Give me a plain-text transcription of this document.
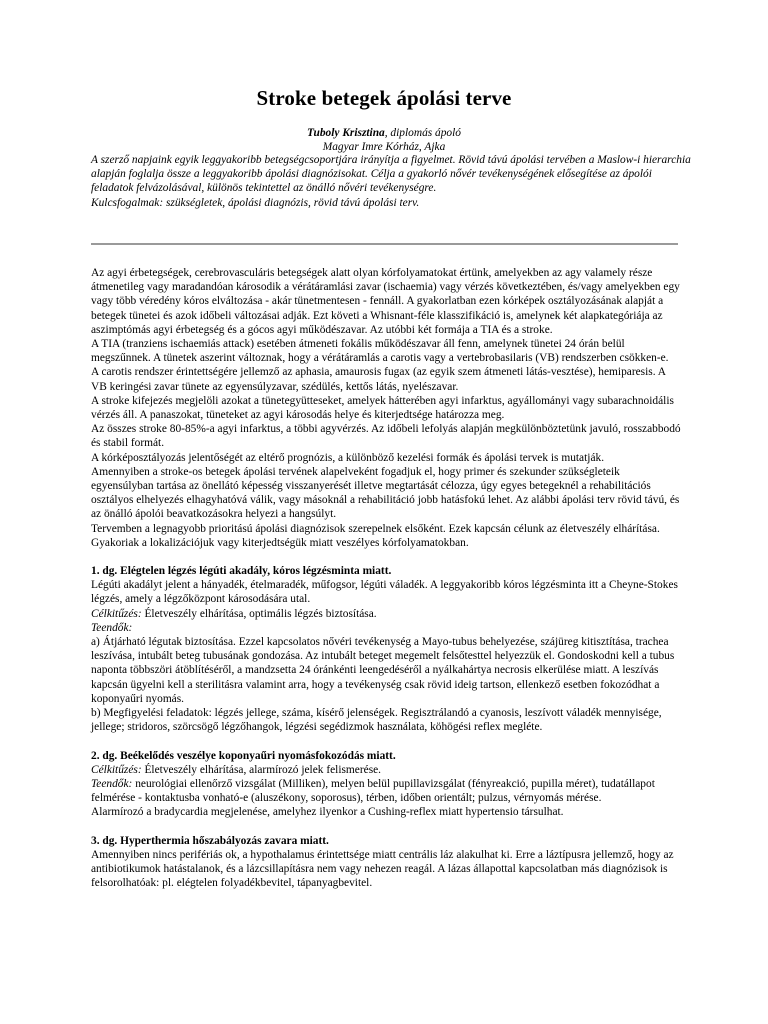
Stroke betegek ápolási terve
Tuboly Krisztina, diplomás ápoló
Magyar Imre Kórház, Ajka

A szerző napjaink egyik leggyakoribb betegségcsoportjára irányítja a figyelmet. Rövid távú ápolási tervében a Maslow-i hierarchia alapján foglalja össze a leggyakoribb ápolási diagnózisokat. Célja a gyakorló nővér tevékenységének elősegítése az ápolói feladatok felvázolásával, különös tekintettel az önálló nővéri tevékenységre.

Kulcsfogalmak: szükségletek, ápolási diagnózis, rövid távú ápolási terv.

Az agyi érbetegségek, cerebrovasculáris betegségek alatt olyan kórfolyamatokat értünk, amelyekben az agy valamely része átmenetileg vagy maradandóan károsodik a vérátáramlási zavar (ischaemia) vagy vérzés következtében, és/vagy amelyekben egy vagy több véredény kóros elváltozása - akár tünetmentesen - fennáll. A gyakorlatban ezen kórképek osztályozásának alapját a betegek tünetei és azok időbeli változásai adják. Ezt követi a Whisnant-féle klasszifikáció is, amelynek két alapkategóriája az aszimptómás agyi érbetegség és a gócos agyi működészavar. Az utóbbi két formája a TIA és a stroke.

A TIA (tranziens ischaemiás attack) esetében átmeneti fokális működészavar áll fenn, amelynek tünetei 24 órán belül megszűnnek. A tünetek aszerint változnak, hogy a vérátáramlás a carotis vagy a vertebrobasilaris (VB) rendszerben csökken-e.

A carotis rendszer érintettségére jellemző az aphasia, amaurosis fugax (az egyik szem átmeneti látás-vesztése), hemiparesis. A VB keringési zavar tünete az egyensúlyzavar, szédülés, kettős látás, nyelészavar.

A stroke kifejezés megjelöli azokat a tünetegyütteseket, amelyek hátterében agyi infarktus, agyállományi vagy subarachnoidális vérzés áll. A panaszokat, tüneteket az agyi károsodás helye és kiterjedtsége határozza meg.

Az összes stroke 80-85%-a agyi infarktus, a többi agyvérzés. Az időbeli lefolyás alapján megkülönböztetünk javuló, rosszabbodó és stabil formát.

A kórképosztályozás jelentőségét az eltérő prognózis, a különböző kezelési formák és ápolási tervek is mutatják.

Amennyiben a stroke-os betegek ápolási tervének alapelveként fogadjuk el, hogy primer és szekunder szükségleteik egyensúlyban tartása az önellátó képesség visszanyerését illetve megtartását célozza, úgy egyes betegeknél a rehabilitációs osztályos elhelyezés elhagyhatóvá válik, vagy másoknál a rehabilitáció jobb hatásfokú lehet. Az alábbi ápolási terv rövid távú, és az önálló ápolói beavatkozásokra helyezi a hangsúlyt.

Tervemben a legnagyobb prioritású ápolási diagnózisok szerepelnek elsőként. Ezek kapcsán célunk az életveszély elhárítása. Gyakoriak a lokalizációjuk vagy kiterjedtségük miatt veszélyes kórfolyamatokban.

1. dg. Elégtelen légzés légúti akadály, kóros légzésminta miatt.

Légúti akadályt jelent a hányadék, ételmaradék, műfogsor, légúti váladék. A leggyakoribb kóros légzésminta itt a Cheyne-Stokes légzés, amely a légzőközpont károsodására utal.

Célkitűzés: Életveszély elhárítása, optimális légzés biztosítása.

Teendők:

a) Átjárható légutak biztosítása. Ezzel kapcsolatos nővéri tevékenység a Mayo-tubus behelyezése, szájüreg kitisztítása, trachea leszívása, intubált beteg tubusának gondozása. Az intubált beteget megemelt felsőtesttel helyezzük el. Gondoskodni kell a tubus naponta többszöri átöblítéséről, a mandzsetta 24 óránkénti leengedéséről a nyálkahártya necrosis elkerülése miatt. A leszívás kapcsán ügyelni kell a sterilitásra valamint arra, hogy a tevékenység csak rövid ideig tartson, ellenkező esetben fokozódhat a koponyaűri nyomás.

b) Megfigyelési feladatok: légzés jellege, száma, kísérő jelenségek. Regisztrálandó a cyanosis, leszívott váladék mennyisége, jellege; stridoros, szörcsögő légzőhangok, légzési segédizmok használata, köhögési reflex megléte.

2. dg. Beékelődés veszélye koponyaűri nyomásfokozódás miatt.

Célkitűzés: Életveszély elhárítása, alarmírozó jelek felismerése.

Teendők: neurológiai ellenőrző vizsgálat (Milliken), melyen belül pupillavizsgálat (fényreakció, pupilla méret), tudatállapot felmérése - kontaktusba vonható-e (aluszékony, soporosus), térben, időben orientált; pulzus, vérnyomás mérése.

Alarmírozó a bradycardia megjelenése, amelyhez ilyenkor a Cushing-reflex miatt hypertensio társulhat.

3. dg. Hyperthermia hőszabályozás zavara miatt.

Amennyiben nincs perifériás ok, a hypothalamus érintettsége miatt centrális láz alakulhat ki. Erre a láztípusra jellemző, hogy az antibiotikumok hatástalanok, és a lázcsillapításra nem vagy nehezen reagál. A lázas állapottal kapcsolatban más diagnózisok is felsorolhatóak: pl. elégtelen folyadékbevitel, tápanyagbevitel.
